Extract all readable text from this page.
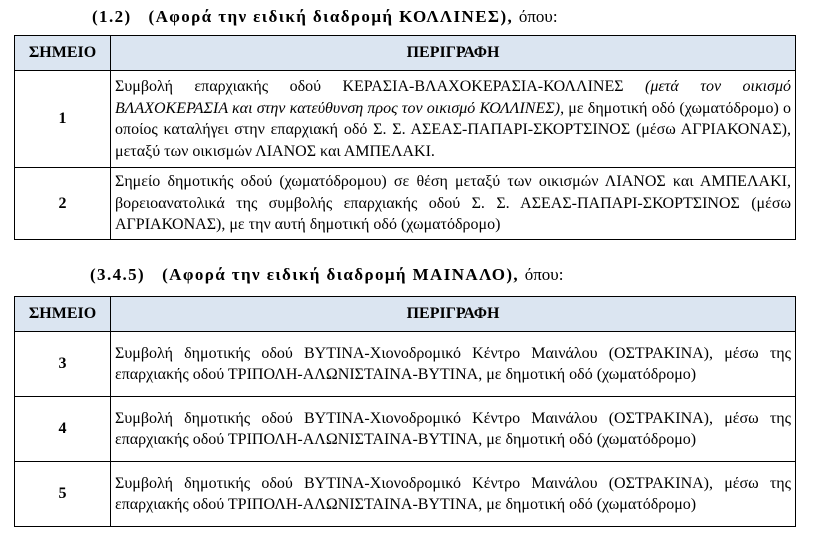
(1.2) (Αφορά την ειδική διαδρομή ΚΟΛΛΙΝΕΣ), όπου:
ΣΗΜΕΙΟ	ΠΕΡΙΓΡΑΦΗ
1	Συμβολή επαρχιακής οδού ΚΕΡΑΣΙΑ-ΒΛΑΧΟΚΕΡΑΣΙΑ-ΚΟΛΛΙΝΕΣ (μετά τον οικισμό ΒΛΑΧΟΚΕΡΑΣΙΑ και στην κατεύθυνση προς τον οικισμό ΚΟΛΛΙΝΕΣ), με δημοτική οδό (χωματόδρομο) ο οποίος καταλήγει στην επαρχιακή οδό Σ. Σ. ΑΣΕΑΣ-ΠΑΠΑΡΙ-ΣΚΟΡΤΣΙΝΟΣ (μέσω ΑΓΡΙΑΚΟΝΑΣ), μεταξύ των οικισμών ΛΙΑΝΟΣ και ΑΜΠΕΛΑΚΙ.
2	Σημείο δημοτικής οδού (χωματόδρομου) σε θέση μεταξύ των οικισμών ΛΙΑΝΟΣ και ΑΜΠΕΛΑΚΙ, βορειοανατολικά της συμβολής επαρχιακής οδού Σ. Σ. ΑΣΕΑΣ-ΠΑΠΑΡΙ-ΣΚΟΡΤΣΙΝΟΣ (μέσω ΑΓΡΙΑΚΟΝΑΣ), με την αυτή δημοτική οδό (χωματόδρομο)
(3.4.5) (Αφορά την ειδική διαδρομή ΜΑΙΝΑΛΟ), όπου:
ΣΗΜΕΙΟ	ΠΕΡΙΓΡΑΦΗ
3	Συμβολή δημοτικής οδού ΒΥΤΙΝΑ-Χιονοδρομικό Κέντρο Μαινάλου (ΟΣΤΡΑΚΙΝΑ), μέσω της επαρχιακής οδού ΤΡΙΠΟΛΗ-ΑΛΩΝΙΣΤΑΙΝΑ-ΒΥΤΙΝΑ, με δημοτική οδό (χωματόδρομο)
4	Συμβολή δημοτικής οδού ΒΥΤΙΝΑ-Χιονοδρομικό Κέντρο Μαινάλου (ΟΣΤΡΑΚΙΝΑ), μέσω της επαρχιακής οδού ΤΡΙΠΟΛΗ-ΑΛΩΝΙΣΤΑΙΝΑ-ΒΥΤΙΝΑ, με δημοτική οδό (χωματόδρομο)
5	Συμβολή δημοτικής οδού ΒΥΤΙΝΑ-Χιονοδρομικό Κέντρο Μαινάλου (ΟΣΤΡΑΚΙΝΑ), μέσω της επαρχιακής οδού ΤΡΙΠΟΛΗ-ΑΛΩΝΙΣΤΑΙΝΑ-ΒΥΤΙΝΑ, με δημοτική οδό (χωματόδρομο)
